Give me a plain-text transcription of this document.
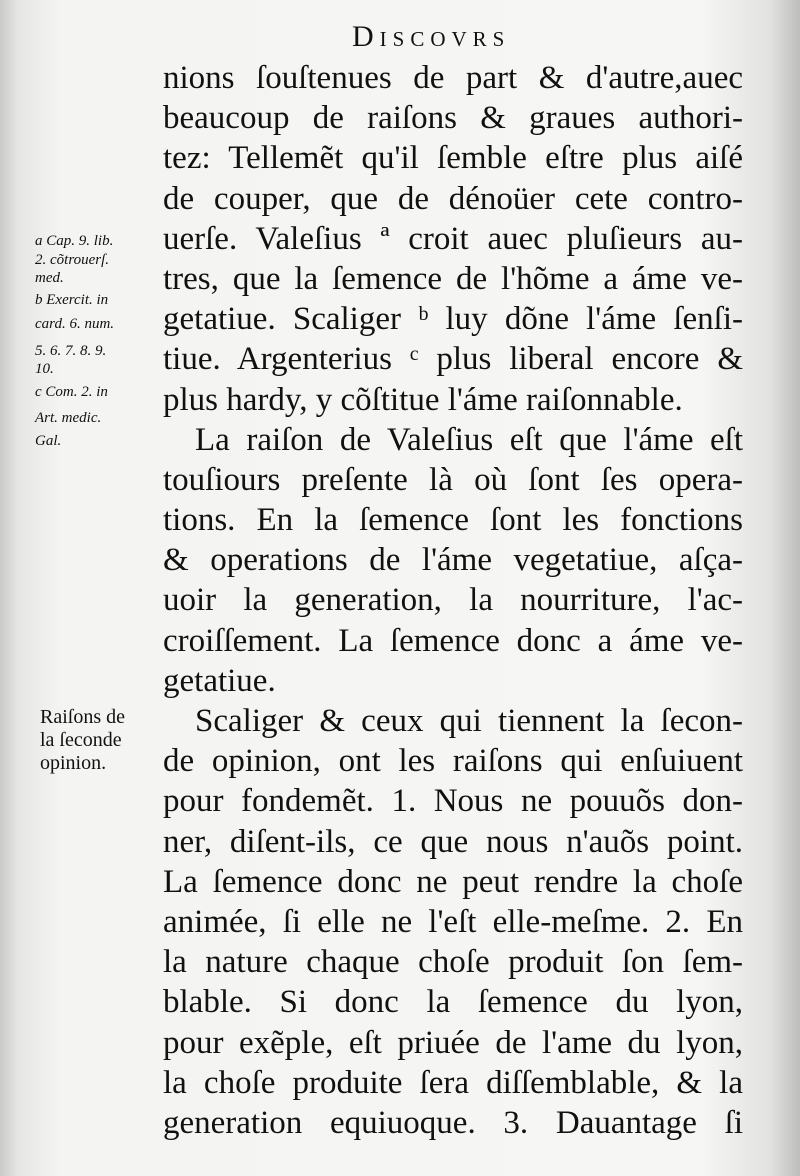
Discovrs
a Cap. 9. lib.
2. cõtrouerſ.
med.
b Exercit. in
card. 6. num.
5. 6. 7. 8. 9.
10.
c Com. 2. in
Art. medic.
Gal.
Raiſons de
la ſeconde
opinion.
nions ſouſtenues de part & d'autre,auec
beaucoup de raiſons & graues authori-
tez: Tellemẽt qu'il ſemble eſtre plus aiſé
de couper, que de dénoüer cete contro-
uerſe. Valeſius ª croit auec pluſieurs au-
tres, que la ſemence de l'hõme a áme ve-
getatiue. Scaliger ᵇ luy dõne l'áme ſenſi-
tiue. Argenterius ᶜ plus liberal encore &
plus hardy, y cõſtitue l'áme raiſonnable.
La raiſon de Valeſius eſt que l'áme eſt
touſiours preſente là où ſont ſes opera-
tions. En la ſemence ſont les fonctions
& operations de l'áme vegetatiue, aſça-
uoir la generation, la nourriture, l'ac-
croiſſement. La ſemence donc a áme ve-
getatiue.
Scaliger & ceux qui tiennent la ſecon-
de opinion, ont les raiſons qui enſuiuent
pour fondemẽt. 1. Nous ne pouuõs don-
ner, diſent-ils, ce que nous n'auõs point.
La ſemence donc ne peut rendre la choſe
animée, ſi elle ne l'eſt elle-meſme. 2. En
la nature chaque choſe produit ſon ſem-
blable. Si donc la ſemence du lyon,
pour exẽple, eſt priuée de l'ame du lyon,
la choſe produite ſera diſſemblable, & la
generation equiuoque. 3. Dauantage ſi
